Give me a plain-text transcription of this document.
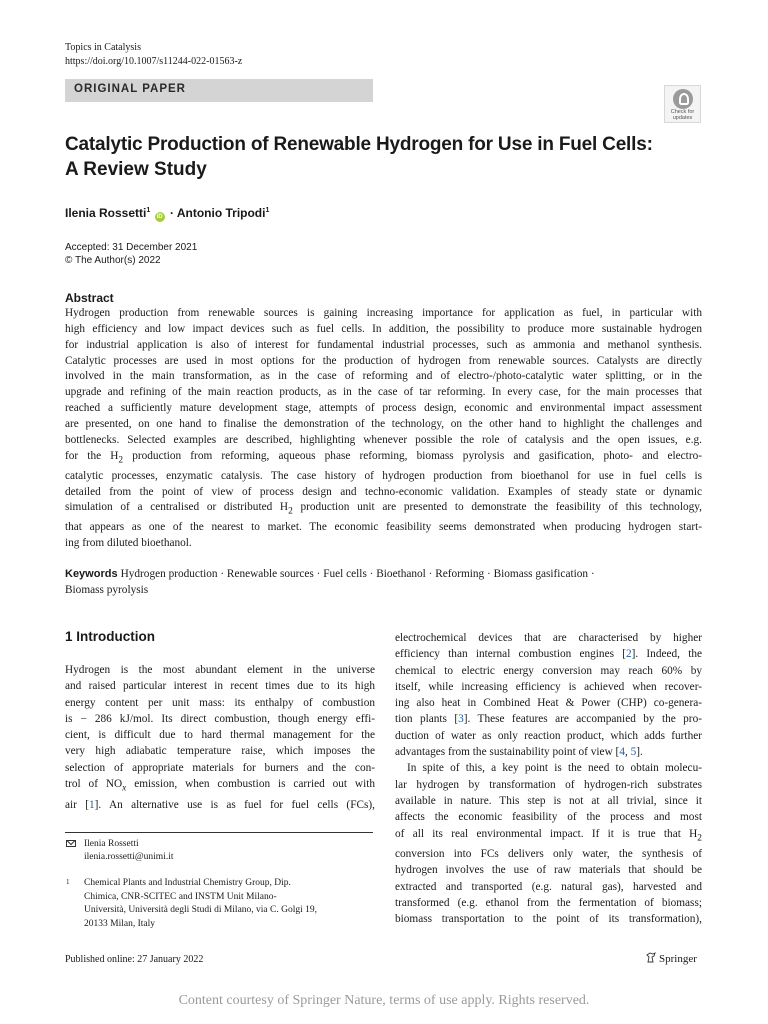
Topics in Catalysis
https://doi.org/10.1007/s11244-022-01563-z
ORIGINAL PAPER
Check for
updates
Catalytic Production of Renewable Hydrogen for Use in Fuel Cells:
A Review Study
Ilenia Rossetti$^1$ iD · Antonio Tripodi$^1$
Accepted: 31 December 2021
© The Author(s) 2022
Abstract
Hydrogen production from renewable sources is gaining increasing importance for application as fuel, in particular with
high efficiency and low impact devices such as fuel cells. In addition, the possibility to produce more sustainable hydrogen
for industrial application is also of interest for fundamental industrial processes, such as ammonia and methanol synthesis.
Catalytic processes are used in most options for the production of hydrogen from renewable sources. Catalysts are directly
involved in the main transformation, as in the case of reforming and of electro-/photo-catalytic water splitting, or in the
upgrade and refining of the main reaction products, as in the case of tar reforming. In every case, for the main processes that
reached a sufficiently mature development stage, attempts of process design, economic and environmental impact assessment
are presented, on one hand to finalise the demonstration of the technology, on the other hand to highlight the challenges and
bottlenecks. Selected examples are described, highlighting whenever possible the role of catalysis and the open issues, e.g.
for the $H_2$ production from reforming, aqueous phase reforming, biomass pyrolysis and gasification, photo- and electro-
catalytic processes, enzymatic catalysis. The case history of hydrogen production from bioethanol for use in fuel cells is
detailed from the point of view of process design and techno-economic validation. Examples of steady state or dynamic
simulation of a centralised or distributed $H_2$ production unit are presented to demonstrate the feasibility of this technology,
that appears as one of the nearest to market. The economic feasibility seems demonstrated when producing hydrogen start-
ing from diluted bioethanol.
Keywords Hydrogen production · Renewable sources · Fuel cells · Bioethanol · Reforming · Biomass gasification ·
Biomass pyrolysis
1 Introduction
Hydrogen is the most abundant element in the universe
and raised particular interest in recent times due to its high
energy content per unit mass: its enthalpy of combustion
is − 286 kJ/mol. Its direct combustion, though energy effi-
cient, is difficult due to hard thermal management for the
very high adiabatic temperature raise, which imposes the
selection of appropriate materials for burners and the con-
trol of $NO_x$ emission, when combustion is carried out with
air [1]. An alternative use is as fuel for fuel cells (FCs),
electrochemical devices that are characterised by higher
efficiency than internal combustion engines [2]. Indeed, the
chemical to electric energy conversion may reach 60% by
itself, while increasing efficiency is achieved when recover-
ing also heat in Combined Heat & Power (CHP) co-genera-
tion plants [3]. These features are accompanied by the pro-
duction of water as only reaction product, which adds further
advantages from the sustainability point of view [4, 5].
In spite of this, a key point is the need to obtain molecu-
lar hydrogen by transformation of hydrogen-rich substrates
available in nature. This step is not at all trivial, since it
affects the economic feasibility of the process and most
of all its real environmental impact. If it is true that $H_2$
conversion into FCs delivers only water, the synthesis of
hydrogen involves the use of raw materials that should be
extracted and transported (e.g. natural gas), harvested and
transformed (e.g. ethanol from the fermentation of biomass;
biomass transportation to the point of its transformation),
Ilenia Rossetti
ilenia.rossetti@unimi.it
1 Chemical Plants and Industrial Chemistry Group, Dip.
Chimica, CNR-SCITEC and INSTM Unit Milano-
Università, Università degli Studi di Milano, via C. Golgi 19,
20133 Milan, Italy
Published online: 27 January 2022	Springer
Content courtesy of Springer Nature, terms of use apply. Rights reserved.
